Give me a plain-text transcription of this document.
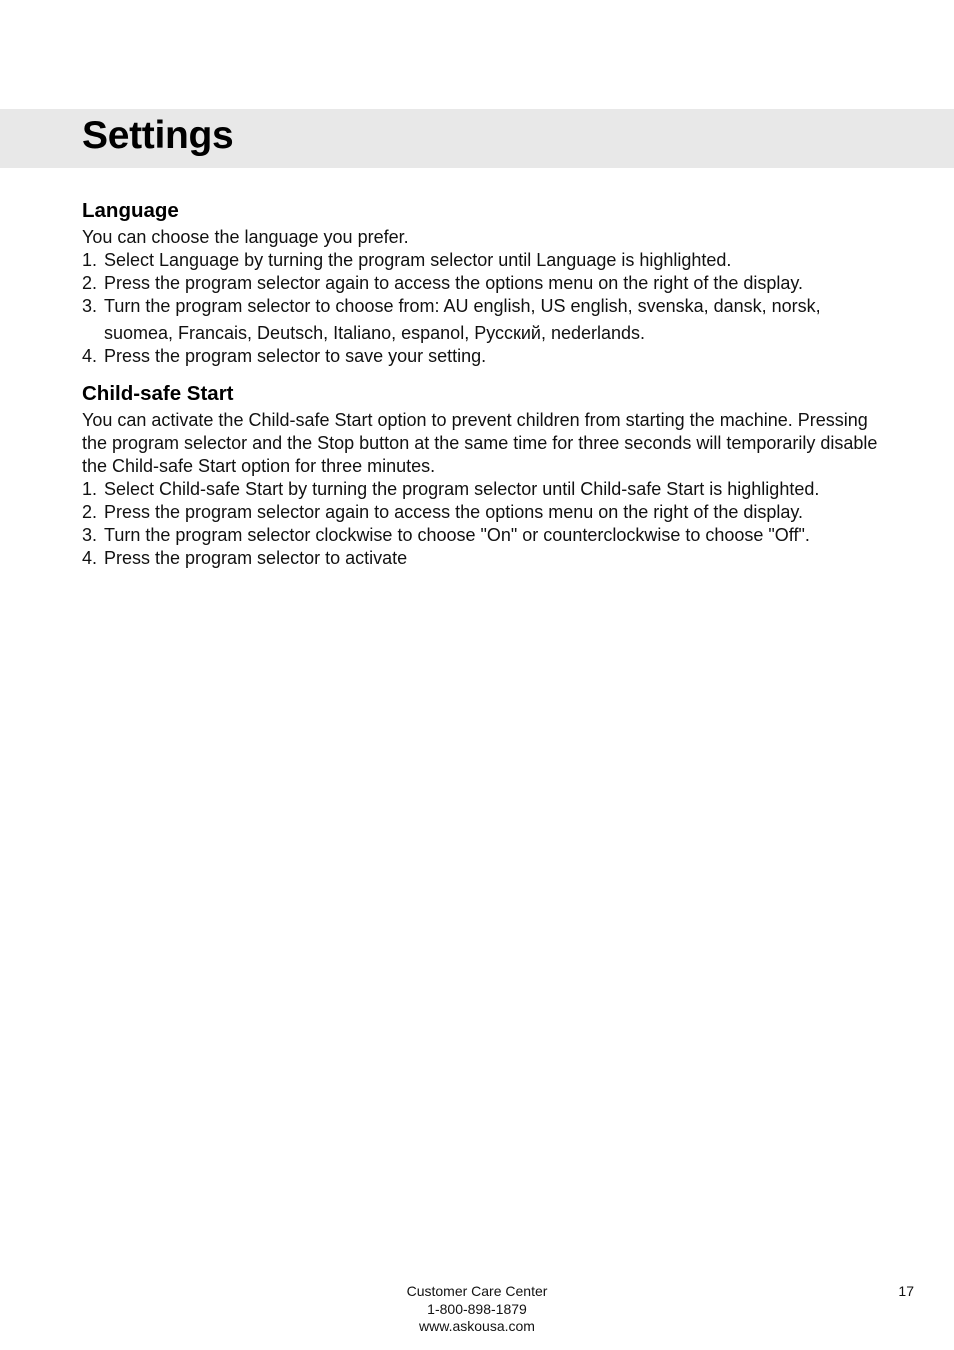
Settings
Language

You can choose the language you prefer.

1. Select Language by turning the program selector until Language is highlighted.
2. Press the program selector again to access the options menu on the right of the display.
3. Turn the program selector to choose from: AU english, US english, svenska, dansk, norsk, suomea, Francais, Deutsch, Italiano, espanol, Русский, nederlands.
4. Press the program selector to save your setting.
Child-safe Start

You can activate the Child-safe Start option to prevent children from starting the machine. Pressing the program selector and the Stop button at the same time for three seconds will temporarily disable the Child-safe Start option for three minutes.

1. Select Child-safe Start by turning the program selector until Child-safe Start is highlighted.
2. Press the program selector again to access the options menu on the right of the display.
3. Turn the program selector clockwise to choose "On" or counterclockwise to choose "Off".
4. Press the program selector to activate
Customer Care Center
1-800-898-1879
www.askousa.com
17
